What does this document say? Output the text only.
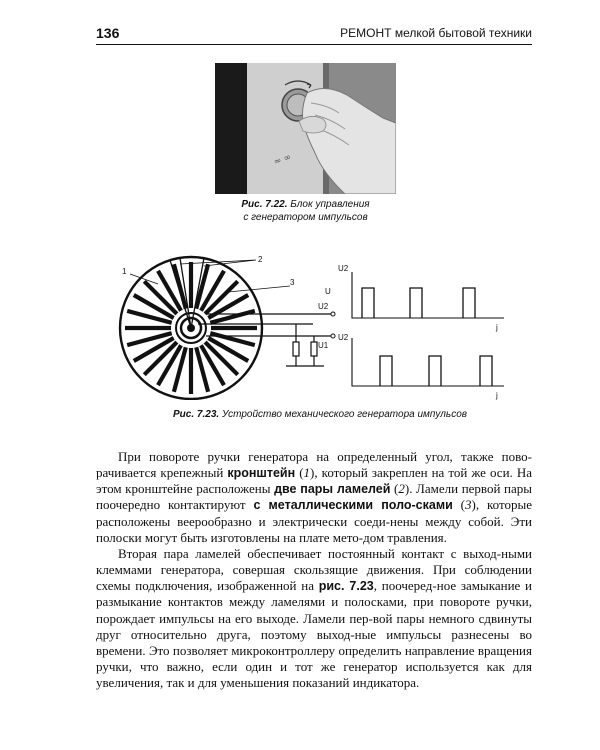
136	РЕМОНТ мелкой бытовой техники
≈ ∞
Рис. 7.22. Блок управления
с генератором импульсов
1
2
3
U
U2
U1
U2
j
U2
j
Рис. 7.23. Устройство механического генератора импульсов

При повороте ручки генератора на определенный угол, также пово-рачивается крепежный кронштейн (1), который закреплен на той же оси. На этом кронштейне расположены две пары ламелей (2). Ламели первой пары поочередно контактируют с металлическими поло-сками (3), которые расположены веерообразно и электрически соеди-нены между собой. Эти полоски могут быть изготовлены на плате мето-дом травления.

Вторая пара ламелей обеспечивает постоянный контакт с выход-ными клеммами генератора, совершая скользящие движения. При соблюдении схемы подключения, изображенной на рис. 7.23, поочеред-ное замыкание и размыкание контактов между ламелями и полосками, при повороте ручки, порождает импульсы на его выходе. Ламели пер-вой пары немного сдвинуты друг относительно друга, поэтому выход-ные импульсы разнесены во времени. Это позволяет микроконтроллеру определить направление вращения ручки, что важно, если один и тот же генератор используется как для увеличения, так и для уменьшения показаний индикатора.
